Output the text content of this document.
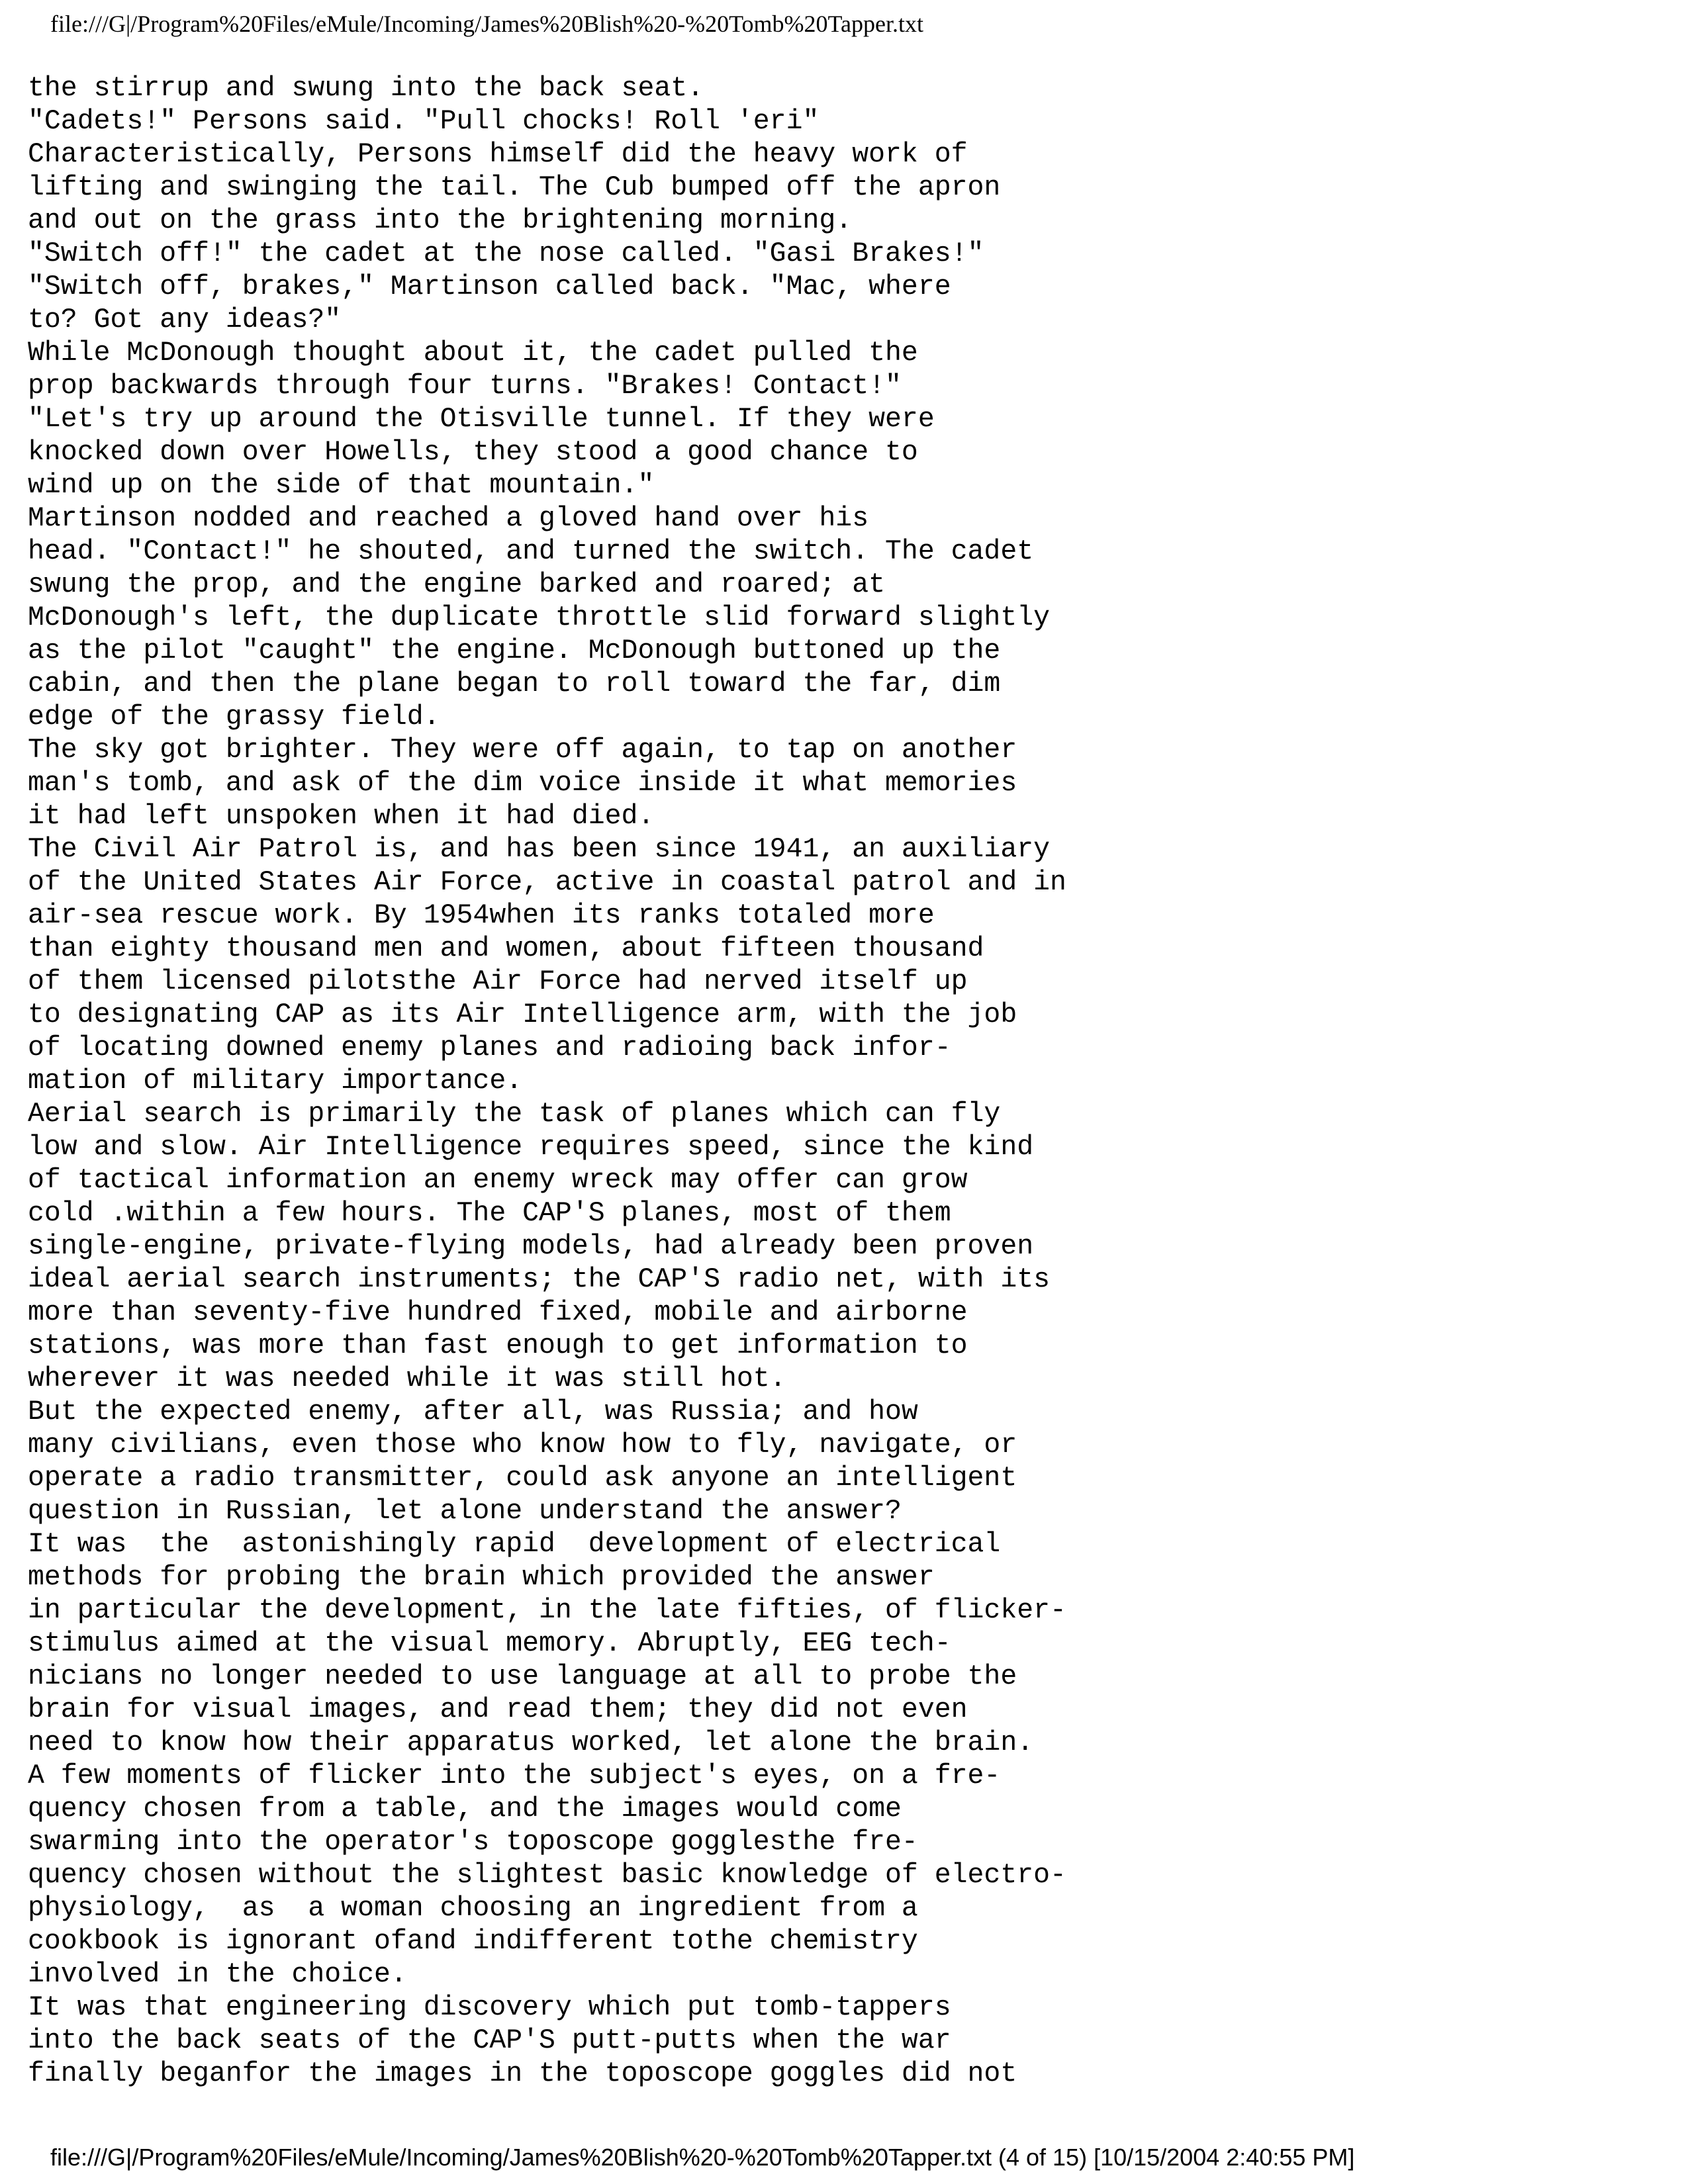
file:///G|/Program%20Files/eMule/Incoming/James%20Blish%20-%20Tomb%20Tapper.txt
the stirrup and swung into the back seat.
"Cadets!" Persons said. "Pull chocks! Roll 'eri"
Characteristically, Persons himself did the heavy work of
lifting and swinging the tail. The Cub bumped off the apron
and out on the grass into the brightening morning.
"Switch off!" the cadet at the nose called. "Gasi Brakes!"
"Switch off, brakes," Martinson called back. "Mac, where
to? Got any ideas?"
While McDonough thought about it, the cadet pulled the
prop backwards through four turns. "Brakes! Contact!"
"Let's try up around the Otisville tunnel. If they were
knocked down over Howells, they stood a good chance to
wind up on the side of that mountain."
Martinson nodded and reached a gloved hand over his
head. "Contact!" he shouted, and turned the switch. The cadet
swung the prop, and the engine barked and roared; at
McDonough's left, the duplicate throttle slid forward slightly
as the pilot "caught" the engine. McDonough buttoned up the
cabin, and then the plane began to roll toward the far, dim
edge of the grassy field.
The sky got brighter. They were off again, to tap on another
man's tomb, and ask of the dim voice inside it what memories
it had left unspoken when it had died.
The Civil Air Patrol is, and has been since 1941, an auxiliary
of the United States Air Force, active in coastal patrol and in
air-sea rescue work. By 1954when its ranks totaled more
than eighty thousand men and women, about fifteen thousand
of them licensed pilotsthe Air Force had nerved itself up
to designating CAP as its Air Intelligence arm, with the job
of locating downed enemy planes and radioing back infor-
mation of military importance.
Aerial search is primarily the task of planes which can fly
low and slow. Air Intelligence requires speed, since the kind
of tactical information an enemy wreck may offer can grow
cold .within a few hours. The CAP'S planes, most of them
single-engine, private-flying models, had already been proven
ideal aerial search instruments; the CAP'S radio net, with its
more than seventy-five hundred fixed, mobile and airborne
stations, was more than fast enough to get information to
wherever it was needed while it was still hot.
But the expected enemy, after all, was Russia; and how
many civilians, even those who know how to fly, navigate, or
operate a radio transmitter, could ask anyone an intelligent
question in Russian, let alone understand the answer?
It was  the  astonishingly rapid  development of electrical
methods for probing the brain which provided the answer
in particular the development, in the late fifties, of flicker-
stimulus aimed at the visual memory. Abruptly, EEG tech-
nicians no longer needed to use language at all to probe the
brain for visual images, and read them; they did not even
need to know how their apparatus worked, let alone the brain.
A few moments of flicker into the subject's eyes, on a fre-
quency chosen from a table, and the images would come
swarming into the operator's toposcope gogglesthe fre-
quency chosen without the slightest basic knowledge of electro-
physiology,  as  a woman choosing an ingredient from a
cookbook is ignorant ofand indifferent tothe chemistry
involved in the choice.
It was that engineering discovery which put tomb-tappers
into the back seats of the CAP'S putt-putts when the war
finally beganfor the images in the toposcope goggles did not
file:///G|/Program%20Files/eMule/Incoming/James%20Blish%20-%20Tomb%20Tapper.txt (4 of 15) [10/15/2004 2:40:55 PM]
